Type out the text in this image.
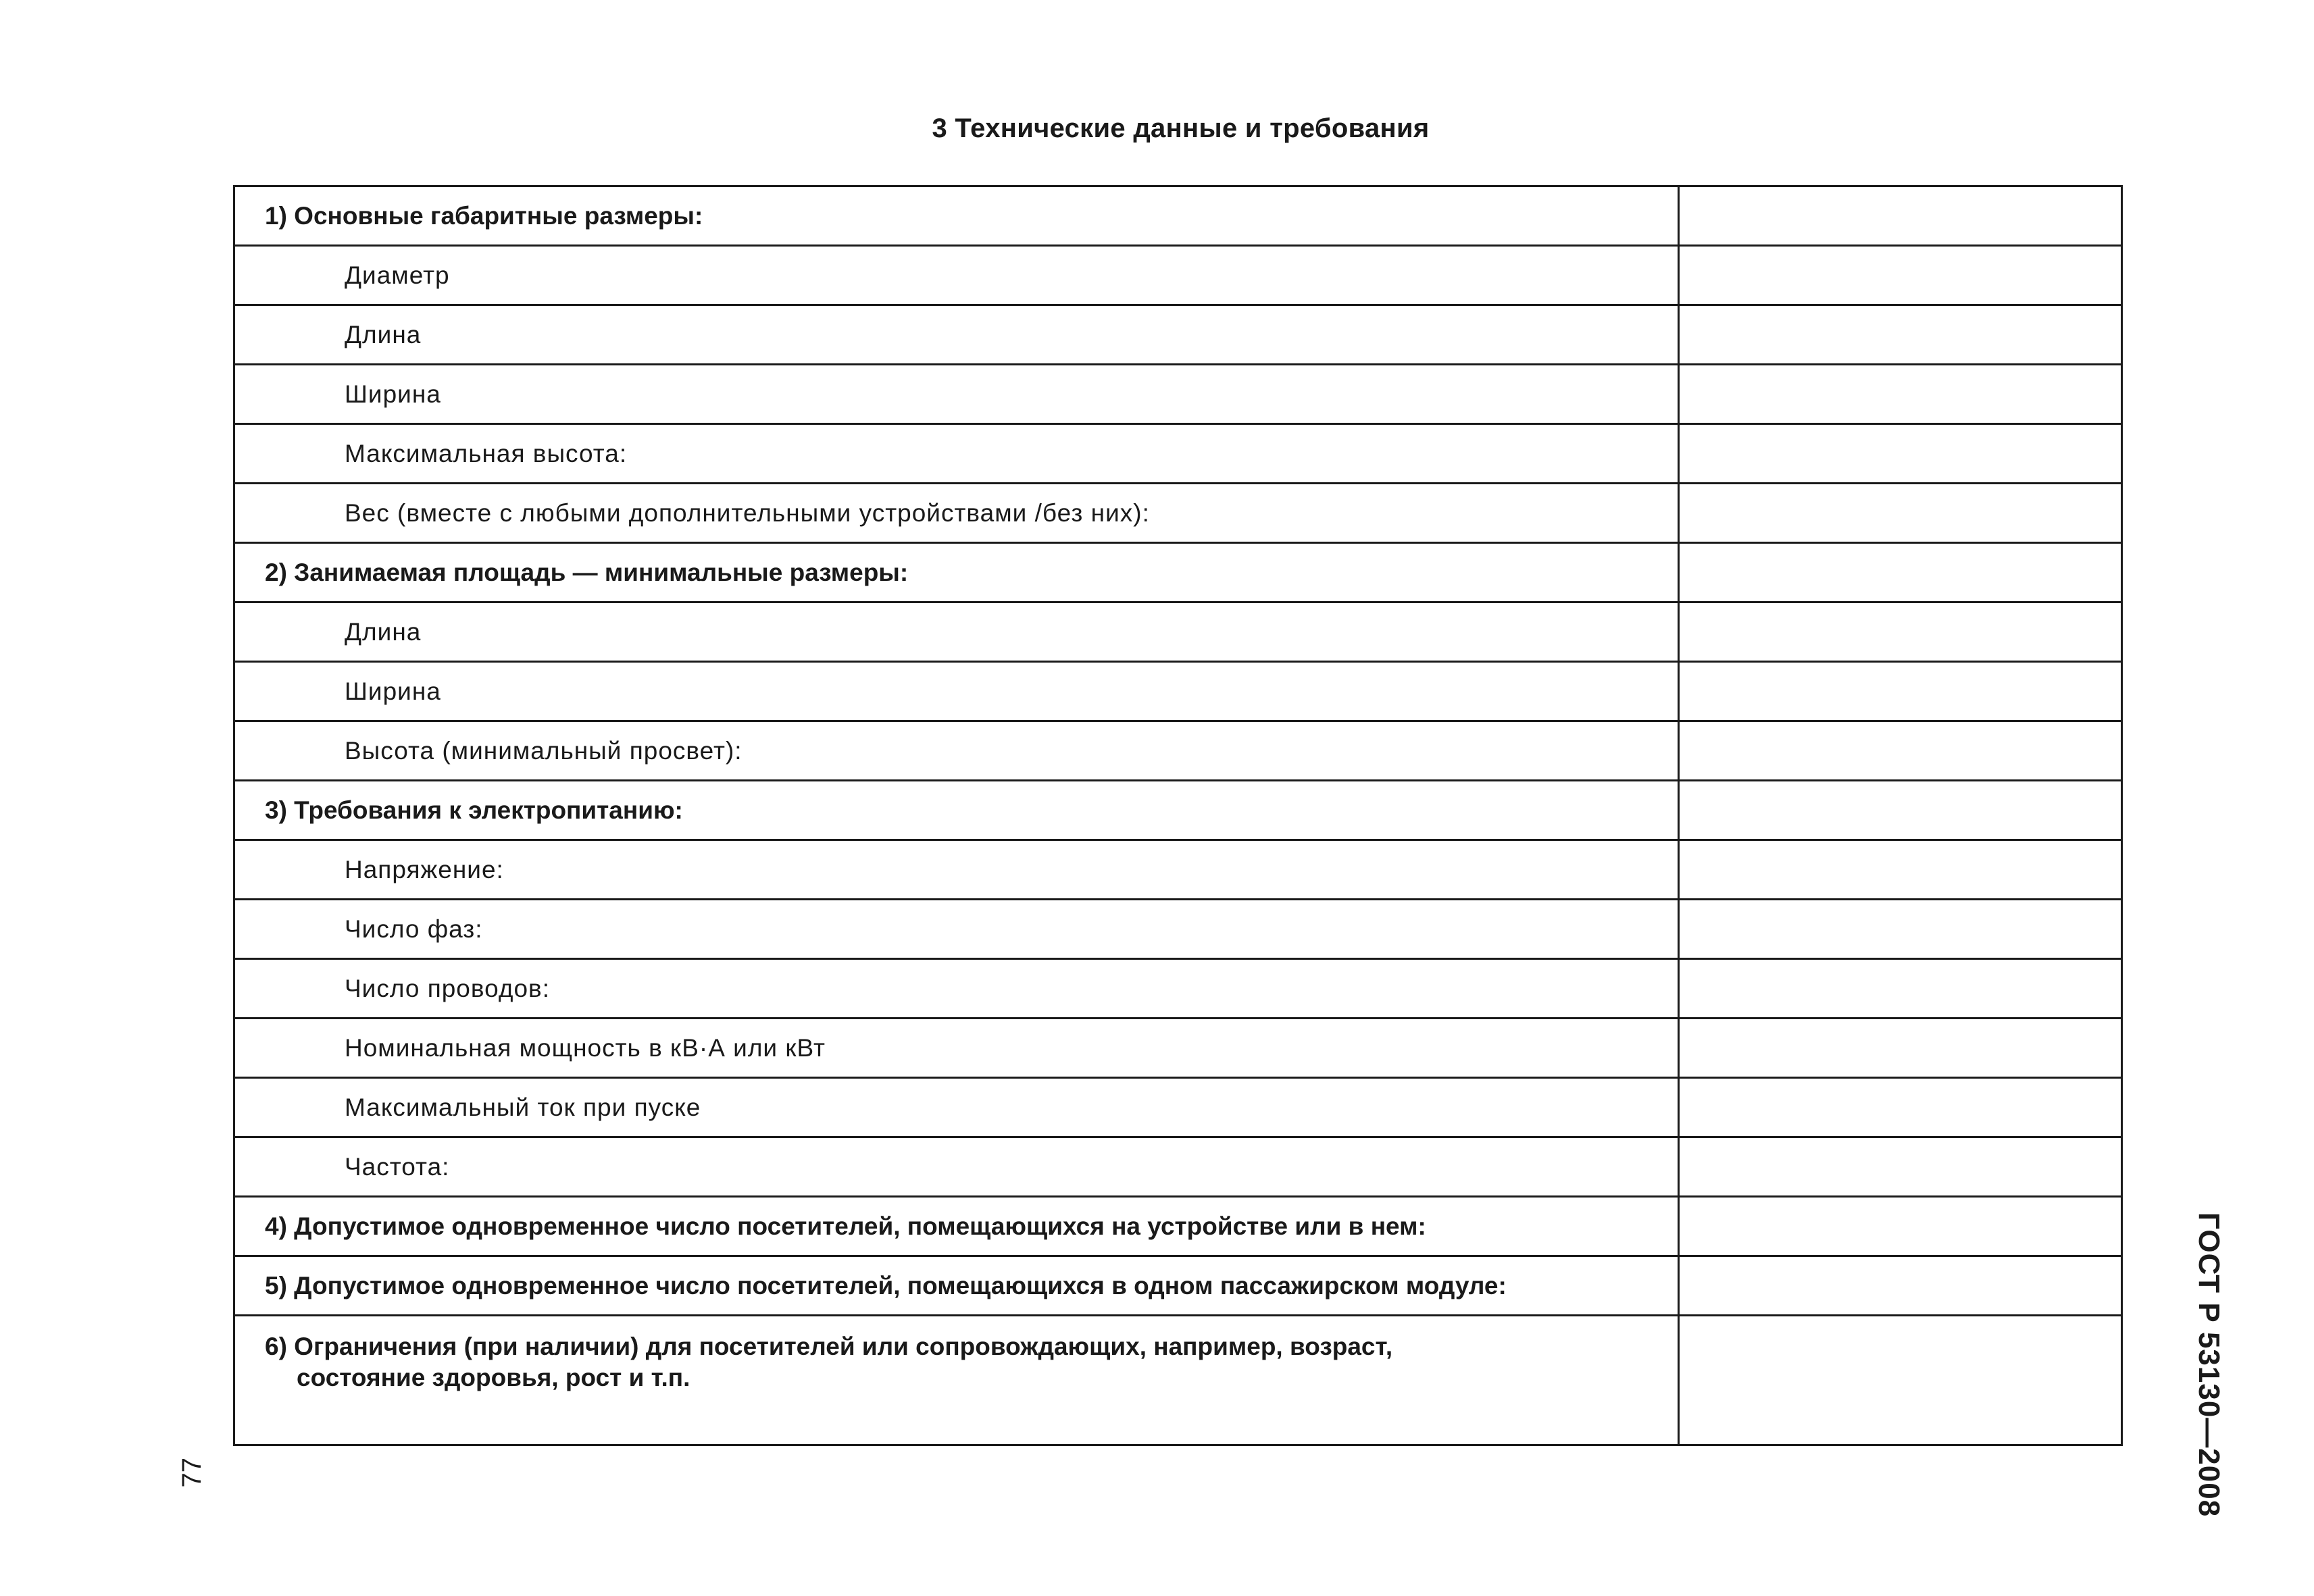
3 Технические данные и требования
1) Основные габаритные размеры:	

Диаметр	

Длина	

Ширина	

Максимальная высота:	

Вес (вместе с любыми дополнительными устройствами /без них):	

2) Занимаемая площадь — минимальные размеры:	

Длина	

Ширина	

Высота (минимальный просвет):	

3) Требования к электропитанию:	

Напряжение:	

Число фаз:	

Число проводов:	

Номинальная мощность в кВ·А или кВт	

Максимальный ток при пуске	

Частота:	

4) Допустимое одновременное число посетителей, помещающихся на устройстве или в нем:	

5) Допустимое одновременное число посетителей, помещающихся в одном пассажирском модуле:	

6) Ограничения (при наличии) для посетителей или сопровождающих, например, возраст,
состояние здоровья, рост и т.п.	
		ГОСТ Р 53130—2008
77
